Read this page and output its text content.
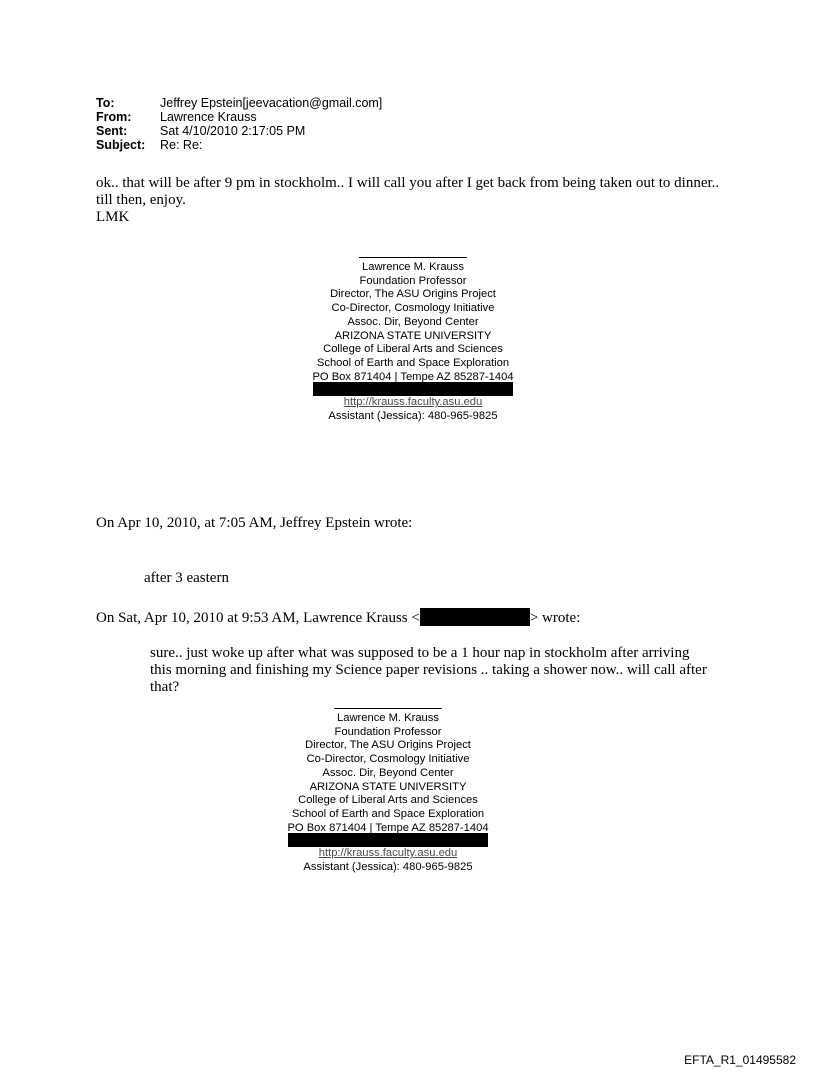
To:	Jeffrey Epstein[jeevacation@gmail.com]
From:	Lawrence Krauss
Sent:	Sat 4/10/2010 2:17:05 PM
Subject:	Re: Re:
ok.. that will be after 9 pm in stockholm.. I will call you after I get back from being taken out to dinner.. till then, enjoy.
LMK
Lawrence M. Krauss
Foundation Professor
Director, The ASU Origins Project
Co-Director, Cosmology Initiative
Assoc. Dir, Beyond Center
ARIZONA STATE UNIVERSITY
College of Liberal Arts and Sciences
School of Earth and Space Exploration
PO Box 871404 | Tempe AZ 85287-1404
http://krauss.faculty.asu.edu
Assistant (Jessica): 480-965-9825
On Apr 10, 2010, at 7:05 AM, Jeffrey Epstein wrote:
after 3 eastern
On Sat, Apr 10, 2010 at 9:53 AM, Lawrence Krauss <	> wrote:
sure.. just woke up after what was supposed to be a 1 hour nap in stockholm after arriving this morning and finishing my Science paper revisions .. taking a shower now.. will call after that?
Lawrence M. Krauss
Foundation Professor
Director, The ASU Origins Project
Co-Director, Cosmology Initiative
Assoc. Dir, Beyond Center
ARIZONA STATE UNIVERSITY
College of Liberal Arts and Sciences
School of Earth and Space Exploration
PO Box 871404 | Tempe AZ 85287-1404
http://krauss.faculty.asu.edu
Assistant (Jessica): 480-965-9825
EFTA_R1_01495582
